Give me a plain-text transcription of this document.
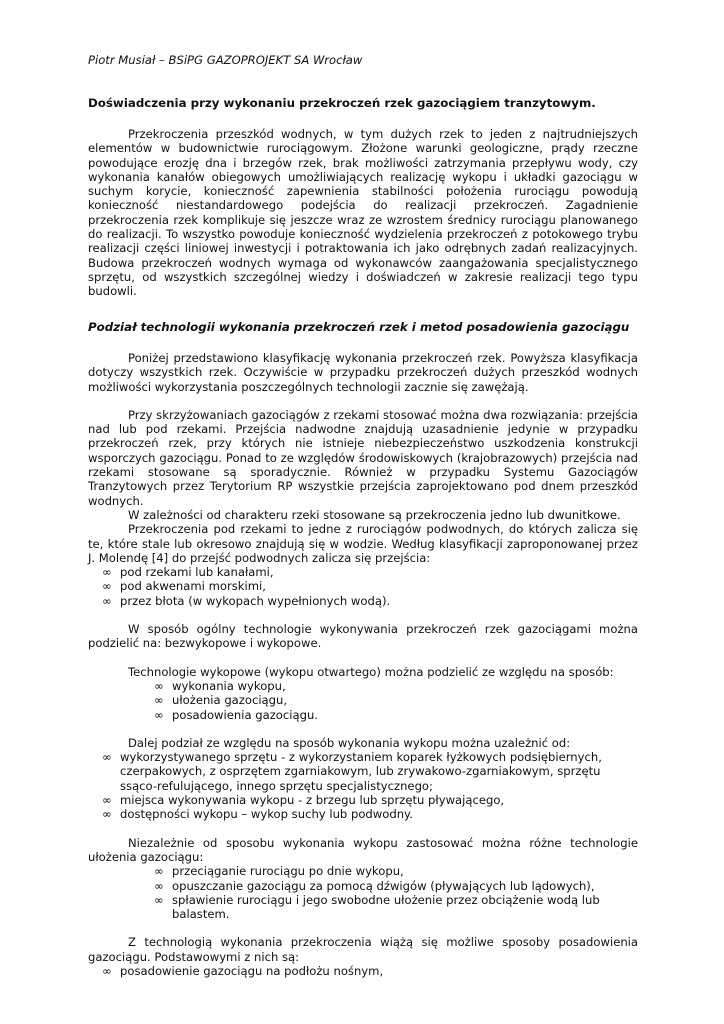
Piotr Musiał – BSiPG GAZOPROJEKT SA Wrocław
Doświadczenia przy wykonaniu przekroczeń rzek gazociągiem tranzytowym.

Przekroczenia przeszkód wodnych, w tym dużych rzek to jeden z najtrudniejszych elementów w budownictwie rurociągowym. Złożone warunki geologiczne, prądy rzeczne powodujące erozję dna i brzegów rzek, brak możliwości zatrzymania przepływu wody, czy wykonania kanałów obiegowych umożliwiających realizację wykopu i układki gazociągu w suchym korycie, konieczność zapewnienia stabilności położenia rurociągu powodują konieczność niestandardowego podejścia do realizacji przekroczeń. Zagadnienie przekroczenia rzek komplikuje się jeszcze wraz ze wzrostem średnicy rurociągu planowanego do realizacji. To wszystko powoduje konieczność wydzielenia przekroczeń z potokowego trybu realizacji części liniowej inwestycji i potraktowania ich jako odrębnych zadań realizacyjnych. Budowa przekroczeń wodnych wymaga od wykonawców zaangażowania specjalistycznego sprzętu, od wszystkich szczególnej wiedzy i doświadczeń w zakresie realizacji tego typu budowli.

Podział technologii wykonania przekroczeń rzek i metod posadowienia gazociągu

Poniżej przedstawiono klasyfikację wykonania przekroczeń rzek. Powyższa klasyfikacja dotyczy wszystkich rzek. Oczywiście w przypadku przekroczeń dużych przeszkód wodnych możliwości wykorzystania poszczególnych technologii zacznie się zawężają.

Przy skrzyżowaniach gazociągów z rzekami stosować można dwa rozwiązania: przejścia nad lub pod rzekami. Przejścia nadwodne znajdują uzasadnienie jedynie w przypadku przekroczeń rzek, przy których nie istnieje niebezpieczeństwo uszkodzenia konstrukcji wsporczych gazociągu. Ponad to ze względów środowiskowych (krajobrazowych) przejścia nad rzekami stosowane są sporadycznie. Również w przypadku Systemu Gazociągów Tranzytowych przez Terytorium RP wszystkie przejścia zaprojektowano pod dnem przeszkód wodnych.

W zależności od charakteru rzeki stosowane są przekroczenia jedno lub dwunitkowe.

Przekroczenia pod rzekami to jedne z rurociągów podwodnych, do których zalicza się te, które stale lub okresowo znajdują się w wodzie. Według klasyfikacji zaproponowanej przez J. Molendę [4] do przejść podwodnych zalicza się przejścia:

∞ pod rzekami lub kanałami,
∞ pod akwenami morskimi,
∞ przez błota (w wykopach wypełnionych wodą).

W sposób ogólny technologie wykonywania przekroczeń rzek gazociągami można podzielić na: bezwykopowe i wykopowe.

Technologie wykopowe (wykopu otwartego) można podzielić ze względu na sposób:

∞ wykonania wykopu,
∞ ułożenia gazociągu,
∞ posadowienia gazociągu.

Dalej podział ze względu na sposób wykonania wykopu można uzależnić od:

∞ wykorzystywanego sprzętu - z wykorzystaniem koparek łyżkowych podsiębiernych, czerpakowych, z osprzętem zgarniakowym, lub zrywakowo-zgarniakowym, sprzętu ssąco-refulującego, innego sprzętu specjalistycznego;
∞ miejsca wykonywania wykopu - z brzegu lub sprzętu pływającego,
∞ dostępności wykopu – wykop suchy lub podwodny.

Niezależnie od sposobu wykonania wykopu zastosować można różne technologie ułożenia gazociągu:

∞ przeciąganie rurociągu po dnie wykopu,
∞ opuszczanie gazociągu za pomocą dźwigów (pływających lub lądowych),
∞ spławienie rurociągu i jego swobodne ułożenie przez obciążenie wodą lub balastem.

Z technologią wykonania przekroczenia wiążą się możliwe sposoby posadowienia gazociągu. Podstawowymi z nich są:

∞ posadowienie gazociągu na podłożu nośnym,
